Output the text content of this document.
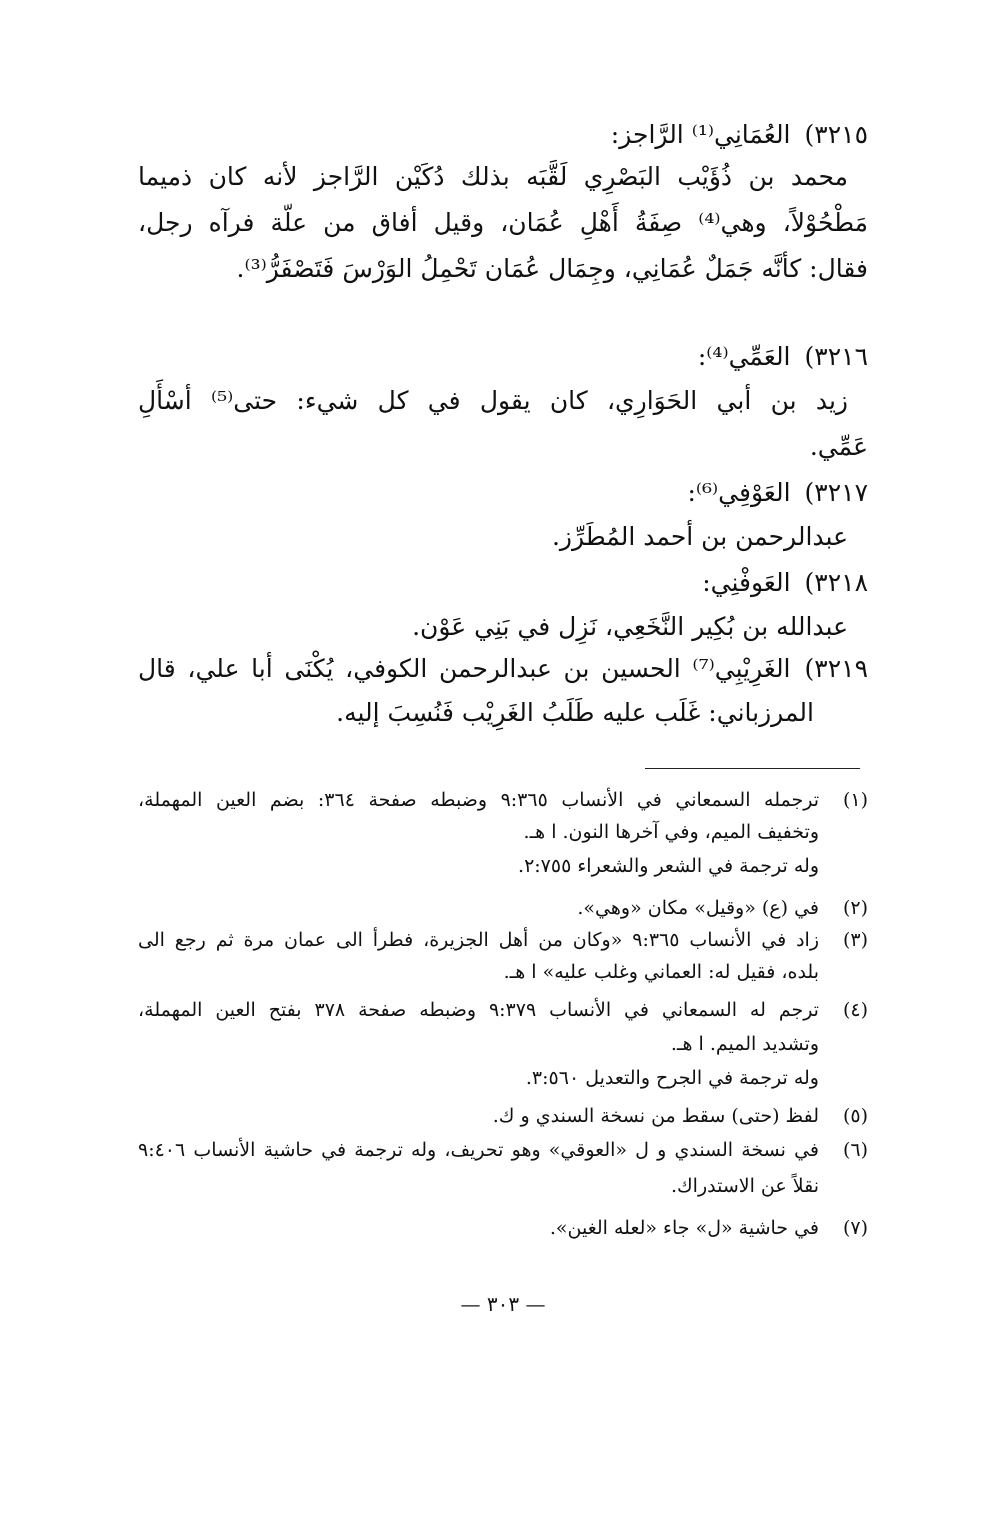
٣٢١٥)العُمَانِي⁽¹⁾ الرَّاجز:
محمد بن ذُؤَيْب البَصْرِي لَقَّبَه بذلك دُكَيْن الرَّاجز لأنه كان ذميما
مَطْحُوْلاً، وهي⁽⁴⁾ صِفَةُ أَهْلِ عُمَان، وقيل أفاق من علّة فرآه رجل،
فقال: كأنَّه جَمَلٌ عُمَانِي، وجِمَال عُمَان تَحْمِلُ الوَرْسَ فَتَصْفَرُّ⁽³⁾.
٣٢١٦)العَمِّي⁽⁴⁾:
زيد بن أبي الحَوَارِي، كان يقول في كل شيء: حتى⁽⁵⁾ أسْأَلِ
عَمِّي.
٣٢١٧)العَوْفِي⁽⁶⁾:
عبدالرحمن بن أحمد المُطَرِّز.
٣٢١٨)العَوفْنِي:
عبدالله بن بُكِير النَّخَعِي، نَزِل في بَنِي عَوْن.
٣٢١٩)الغَرِيْبِي⁽⁷⁾ الحسين بن عبدالرحمن الكوفي، يُكْنَى أبا علي، قال
المرزباني: غَلَب عليه طَلَبُ الغَرِيْب فَنُسِبَ إليه.
(١)
ترجمله السمعاني في الأنساب ٩:٣٦٥ وضبطه صفحة ٣٦٤: بضم العين المهملة،
وتخفيف الميم، وفي آخرها النون. ا هـ.
وله ترجمة في الشعر والشعراء ٢:٧٥٥.
(٢)
في (ع) «وقيل» مكان «وهي».
(٣)
زاد في الأنساب ٩:٣٦٥ «وكان من أهل الجزيرة، فطرأ الى عمان مرة ثم رجع الى
بلده، فقيل له: العماني وغلب عليه» ا هـ.
(٤)
ترجم له السمعاني في الأنساب ٩:٣٧٩ وضبطه صفحة ٣٧٨ بفتح العين المهملة،
وتشديد الميم. ا هـ.
وله ترجمة في الجرح والتعديل ٣:٥٦٠.
(٥)
لفظ (حتى) سقط من نسخة السندي و ك.
(٦)
في نسخة السندي و ل «العوقي» وهو تحريف، وله ترجمة في حاشية الأنساب ٩:٤٠٦
نقلاً عن الاستدراك.
(٧)
في حاشية «ل» جاء «لعله الغين».
— ٣٠٣ —
